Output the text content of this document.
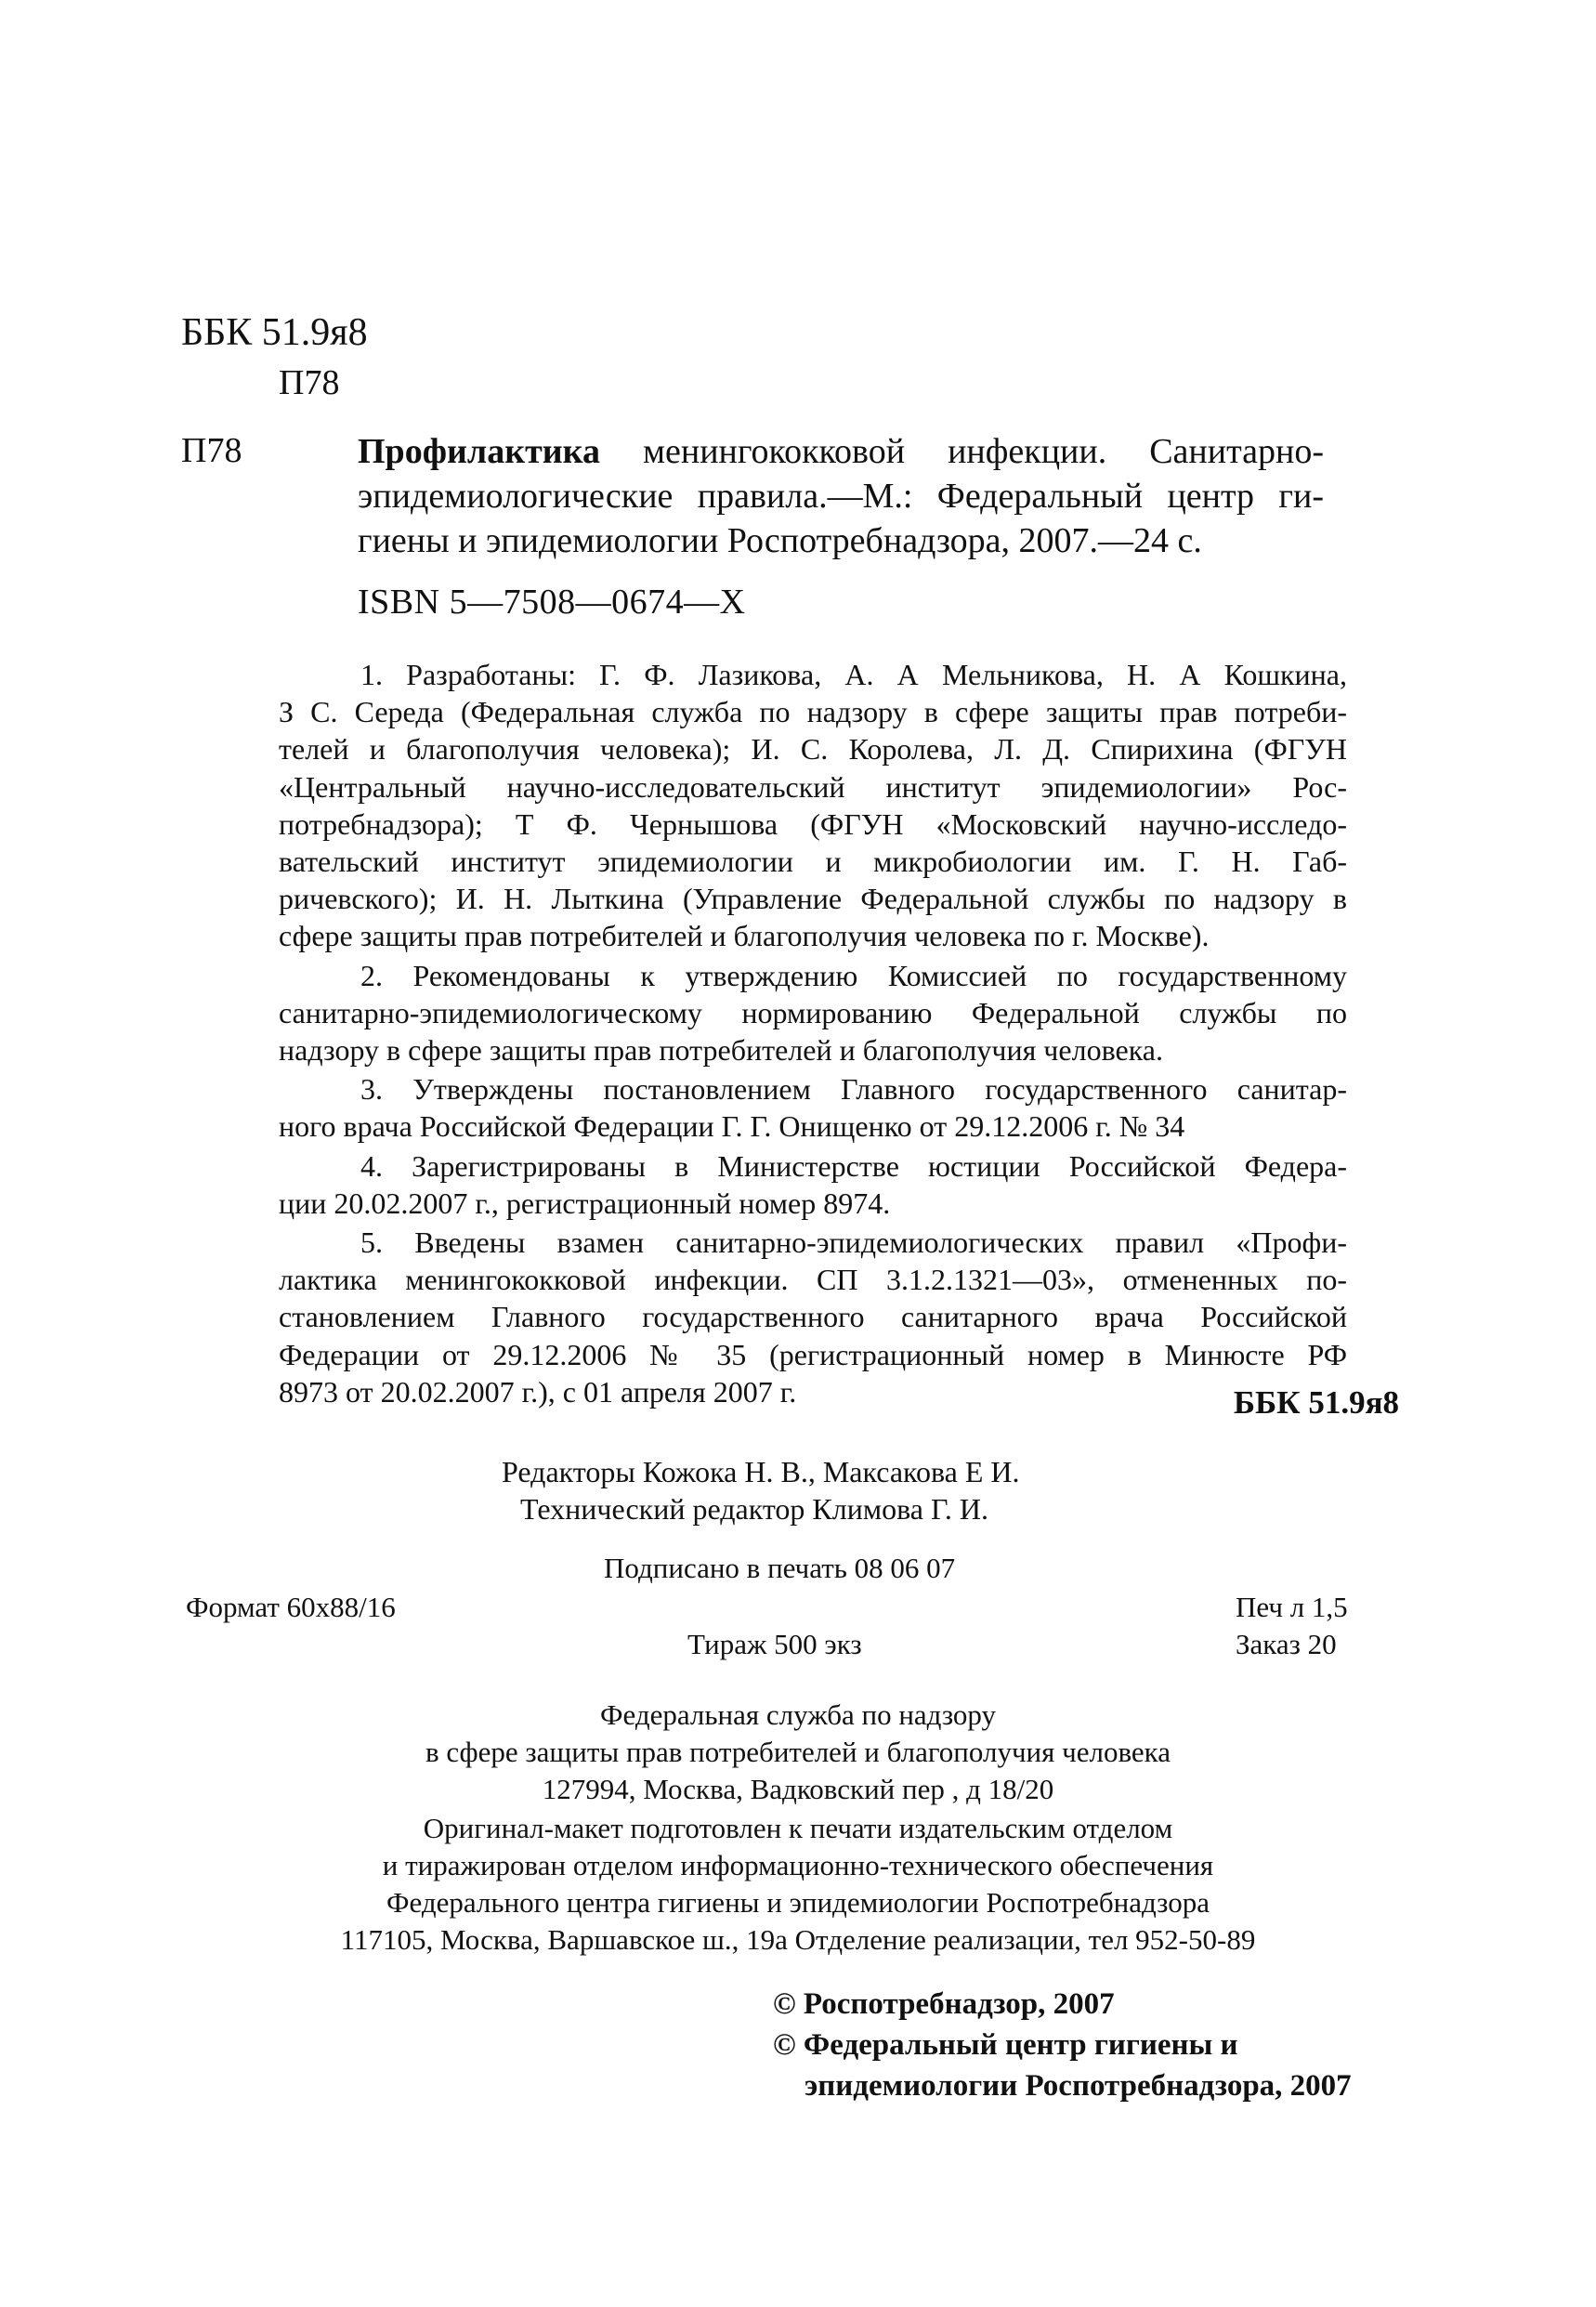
ББК 51.9я8

П78

П78	Профилактика менингококковой инфекции. Санитарно-
эпидемиологические правила.—М.: Федеральный центр ги-
гиены и эпидемиологии Роспотребнадзора, 2007.—24 с.

ISBN 5—7508—0674—X

1. Разработаны: Г. Ф. Лазикова, А. А Мельникова, Н. А Кошкина,
З С. Середа (Федеральная служба по надзору в сфере защиты прав потреби-
телей и благополучия человека); И. С. Королева, Л. Д. Спирихина (ФГУН
«Центральный научно-исследовательский институт эпидемиологии» Рос-
потребнадзора); Т Ф. Чернышова (ФГУН «Московский научно-исследо-
вательский институт эпидемиологии и микробиологии им. Г. Н. Габ-
ричевского); И. Н. Лыткина (Управление Федеральной службы по надзору в
сфере защиты прав потребителей и благополучия человека по г. Москве).

2. Рекомендованы к утверждению Комиссией по государственному
санитарно-эпидемиологическому нормированию Федеральной службы по
надзору в сфере защиты прав потребителей и благополучия человека.

3. Утверждены постановлением Главного государственного санитар-
ного врача Российской Федерации Г. Г. Онищенко от 29.12.2006 г. № 34

4. Зарегистрированы в Министерстве юстиции Российской Федера-
ции 20.02.2007 г., регистрационный номер 8974.

5. Введены взамен санитарно-эпидемиологических правил «Профи-
лактика менингококковой инфекции. СП 3.1.2.1321—03», отмененных по-
становлением Главного государственного санитарного врача Российской
Федерации от 29.12.2006 № 35 (регистрационный номер в Минюсте РФ
8973 от 20.02.2007 г.), с 01 апреля 2007 г.	ББК 51.9я8

Редакторы Кожока Н. В., Максакова Е И.

Технический редактор Климова Г. И.

Подписано в печать 08 06 07

Формат 60x88/16	Печ л 1,5

Тираж 500 экз	Заказ 20

Федеральная служба по надзору
в сфере защиты прав потребителей и благополучия человека
127994, Москва, Вадковский пер , д 18/20
Оригинал-макет подготовлен к печати издательским отделом
и тиражирован отделом информационно-технического обеспечения
Федерального центра гигиены и эпидемиологии Роспотребнадзора
117105, Москва, Варшавское ш., 19а Отделение реализации, тел 952-50-89
© Роспотребнадзор, 2007
© Федеральный центр гигиены и
эпидемиологии Роспотребнадзора, 2007
